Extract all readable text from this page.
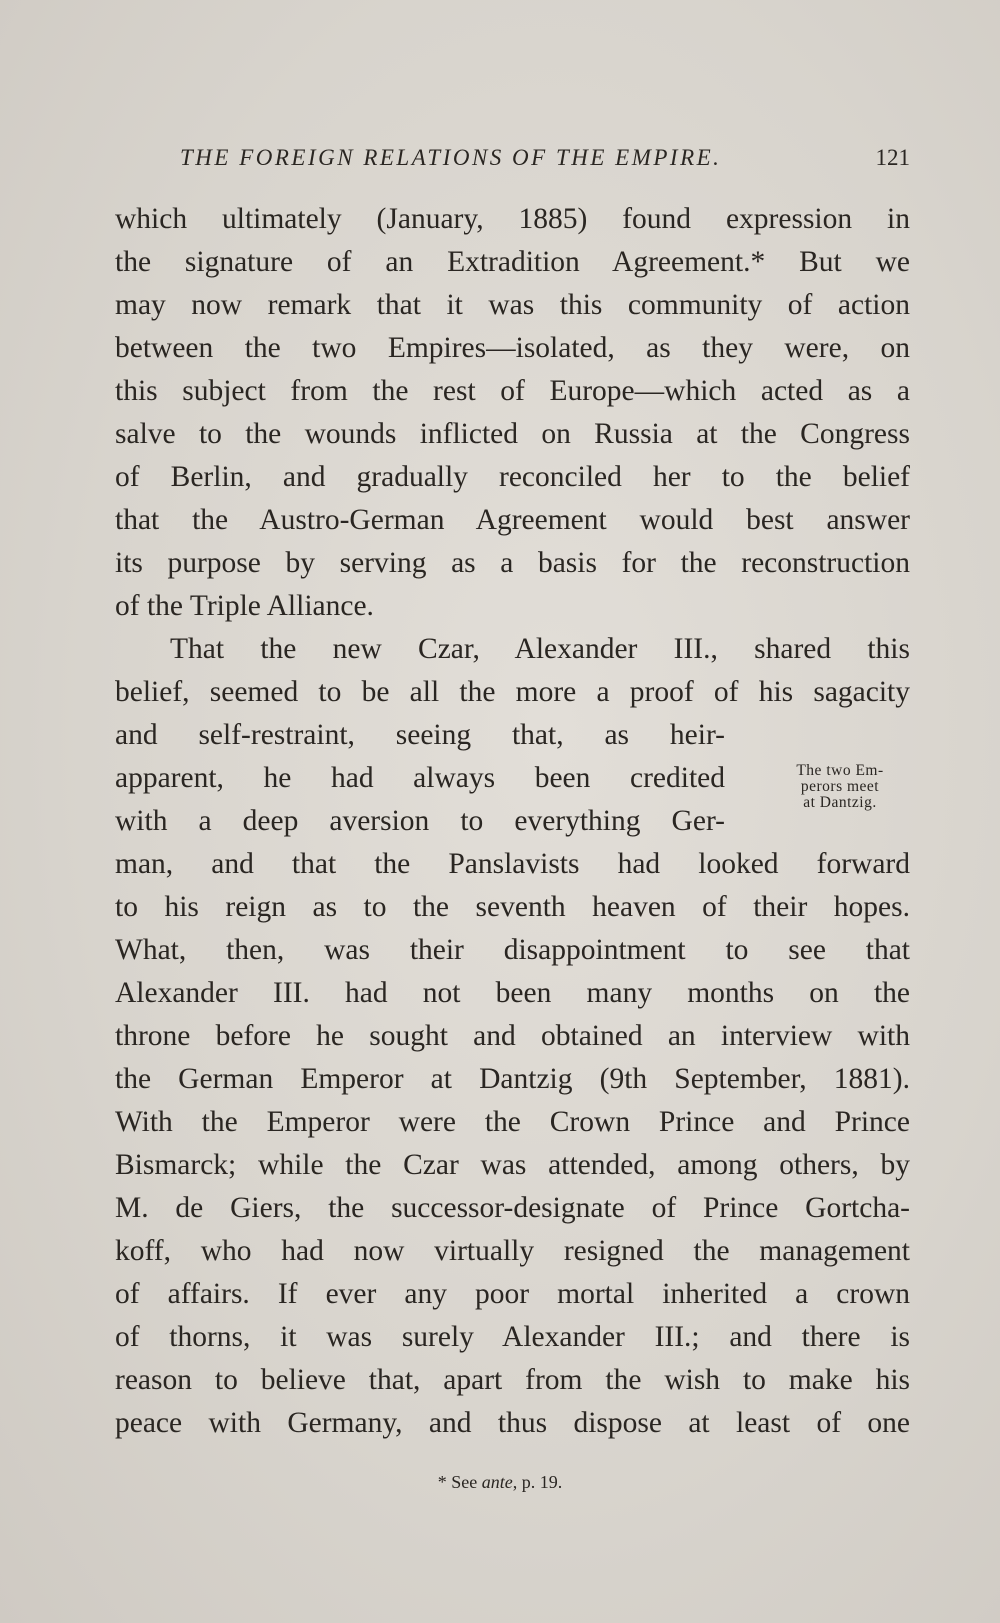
THE FOREIGN RELATIONS OF THE EMPIRE.	121
which ultimately (January, 1885) found expression in
the signature of an Extradition Agreement.* But we
may now remark that it was this community of action
between the two Empires—isolated, as they were, on
this subject from the rest of Europe—which acted as a
salve to the wounds inflicted on Russia at the Congress
of Berlin, and gradually reconciled her to the belief
that the Austro-German Agreement would best answer
its purpose by serving as a basis for the reconstruction
of the Triple Alliance.
That the new Czar, Alexander III., shared this
belief, seemed to be all the more a proof of his sagacity
and self-restraint, seeing that, as heir-
apparent, he had always been credited
with a deep aversion to everything Ger-
man, and that the Panslavists had looked forward
to his reign as to the seventh heaven of their hopes.
What, then, was their disappointment to see that
Alexander III. had not been many months on the
throne before he sought and obtained an interview with
the German Emperor at Dantzig (9th September, 1881).
With the Emperor were the Crown Prince and Prince
Bismarck; while the Czar was attended, among others, by
M. de Giers, the successor-designate of Prince Gortcha-
koff, who had now virtually resigned the management
of affairs. If ever any poor mortal inherited a crown
of thorns, it was surely Alexander III.; and there is
reason to believe that, apart from the wish to make his
peace with Germany, and thus dispose at least of one
The two Em-
perors meet
at Dantzig.
* See ante, p. 19.
